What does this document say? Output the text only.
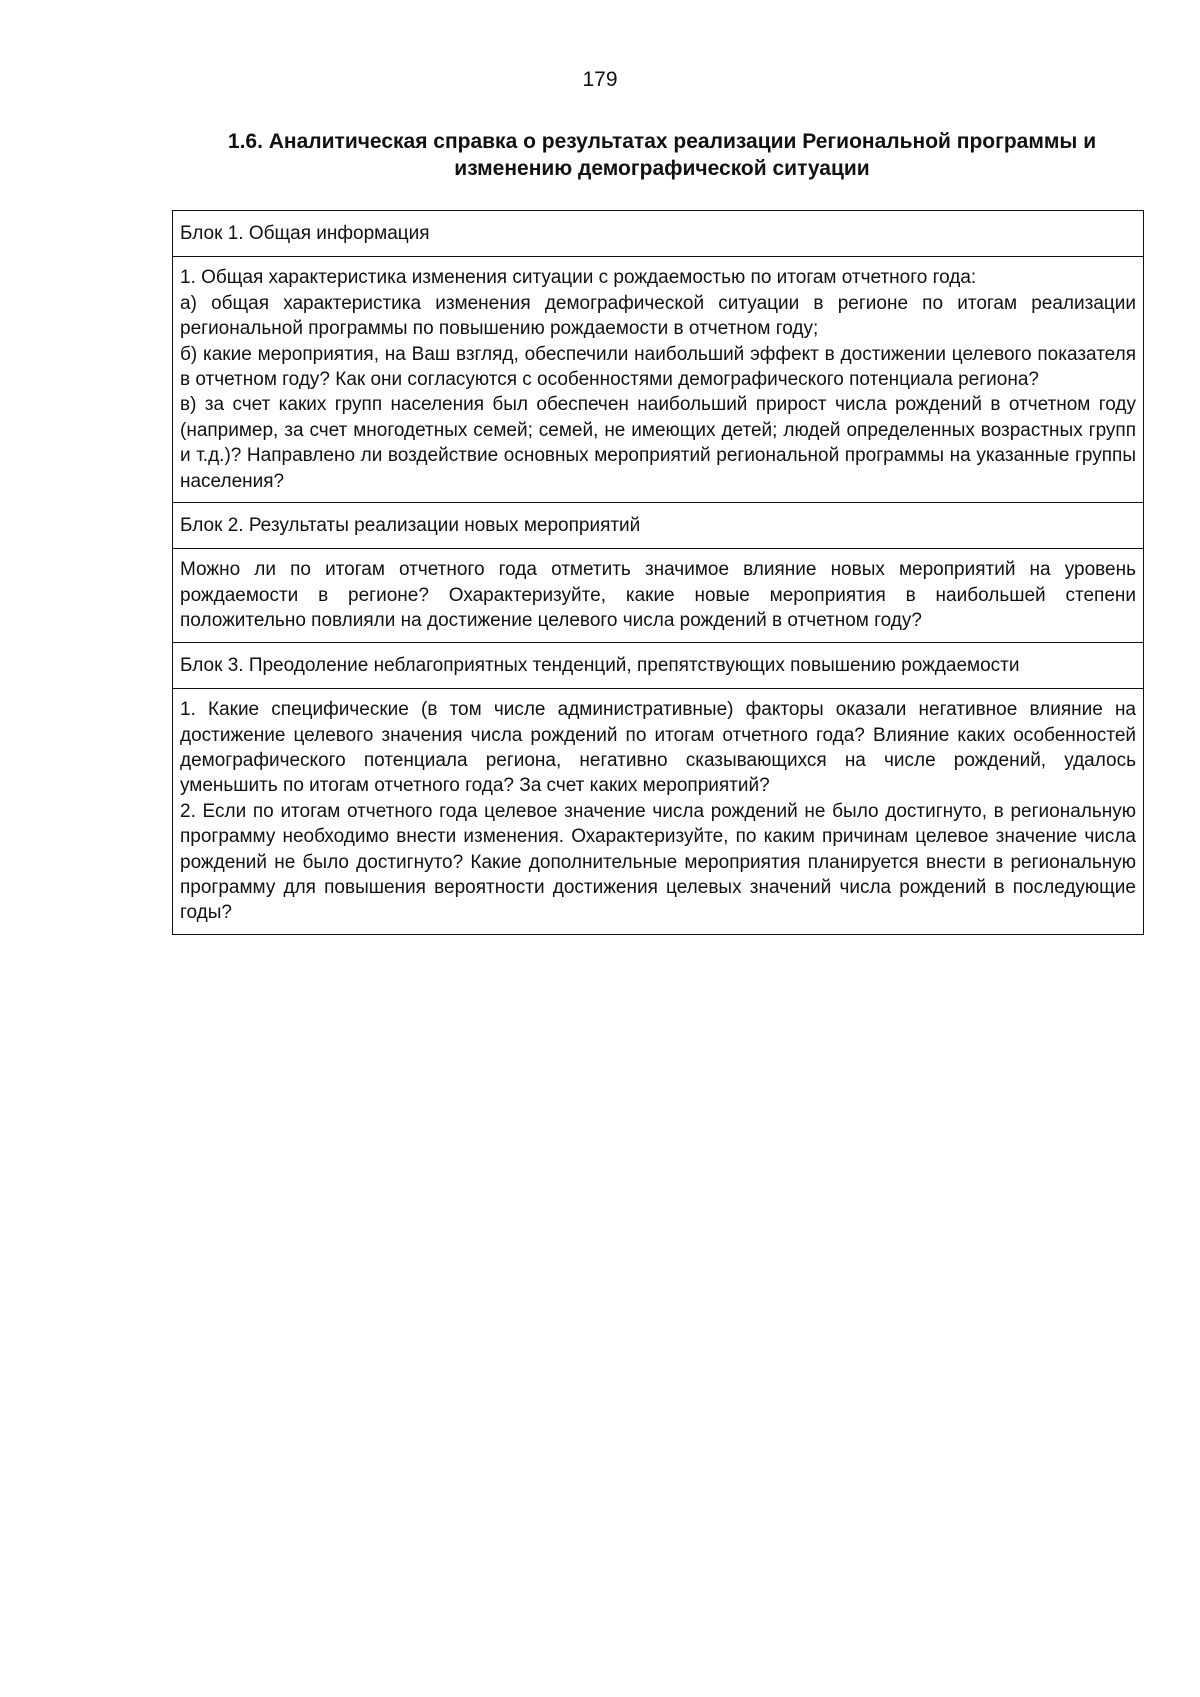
179
1.6. Аналитическая справка о результатах реализации Региональной программы и изменению демографической ситуации
Блок 1. Общая информация

1. Общая характеристика изменения ситуации с рождаемостью по итогам отчетного года:
а) общая характеристика изменения демографической ситуации в регионе по итогам реализации региональной программы по повышению рождаемости в отчетном году;
б) какие мероприятия, на Ваш взгляд, обеспечили наибольший эффект в достижении целевого показателя в отчетном году? Как они согласуются с особенностями демографического потенциала региона?
в) за счет каких групп населения был обеспечен наибольший прирост числа рождений в отчетном году (например, за счет многодетных семей; семей, не имеющих детей; людей определенных возрастных групп и т.д.)? Направлено ли воздействие основных мероприятий региональной программы на указанные группы населения?

Блок 2. Результаты реализации новых мероприятий

Можно ли по итогам отчетного года отметить значимое влияние новых мероприятий на уровень рождаемости в регионе? Охарактеризуйте, какие новые мероприятия в наибольшей степени положительно повлияли на достижение целевого числа рождений в отчетном году?

Блок 3. Преодоление неблагоприятных тенденций, препятствующих повышению рождаемости

1. Какие специфические (в том числе административные) факторы оказали негативное влияние на достижение целевого значения числа рождений по итогам отчетного года? Влияние каких особенностей демографического потенциала региона, негативно сказывающихся на числе рождений, удалось уменьшить по итогам отчетного года? За счет каких мероприятий?
2. Если по итогам отчетного года целевое значение числа рождений не было достигнуто, в региональную программу необходимо внести изменения. Охарактеризуйте, по каким причинам целевое значение числа рождений не было достигнуто? Какие дополнительные мероприятия планируется внести в региональную программу для повышения вероятности достижения целевых значений числа рождений в последующие годы?
